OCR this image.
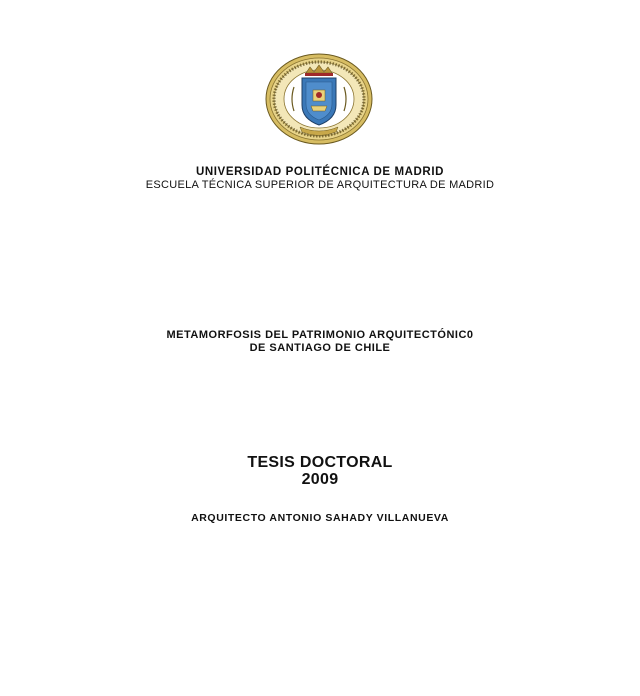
UNIVERSIDAD POLITÉCNICA DE MADRID
ESCUELA TÉCNICA SUPERIOR DE ARQUITECTURA DE MADRID
METAMORFOSIS DEL PATRIMONIO ARQUITECTÓNIC0
DE SANTIAGO DE CHILE
TESIS DOCTORAL
2009
ARQUITECTO ANTONIO SAHADY VILLANUEVA
